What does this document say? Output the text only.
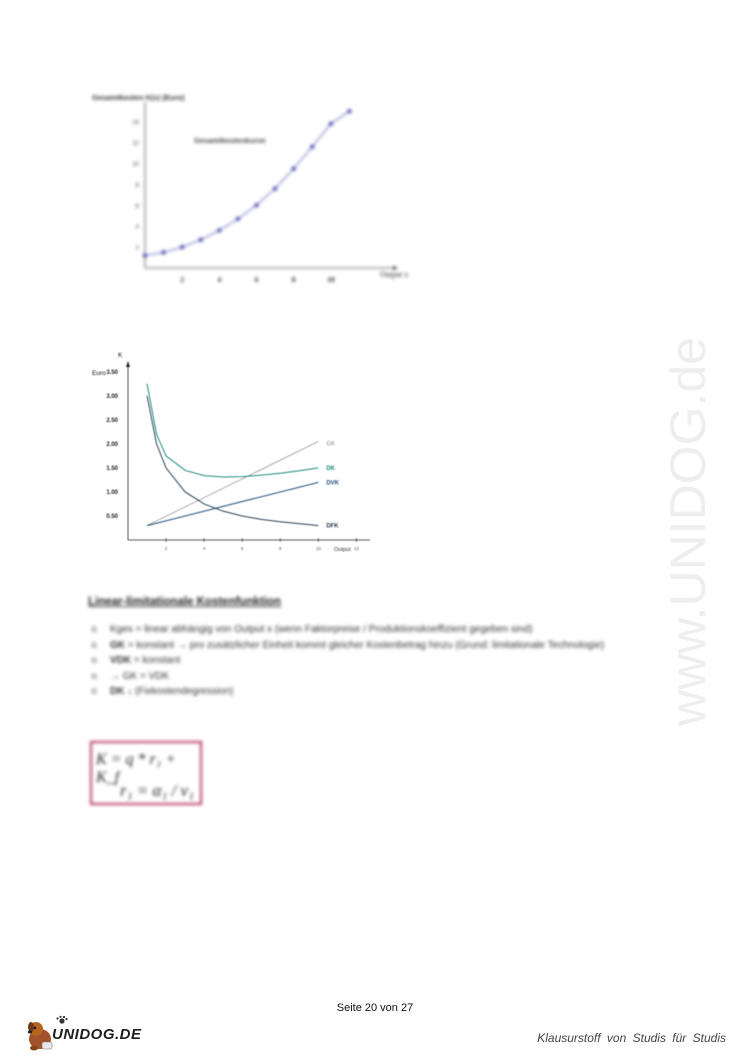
2	4	6	8	10
2
4
6
8
10
12
14
Gesamtkosten K(x) (Euro)
Gesamtkostenkurve
Output x
0.50
1.00
1.50
2.00
2.50
3.00
3.50
2	4	6	8	10	12
GK
DK
DVK
DFK
K
Euro
Output	www.UNIDOG.de
Linear-limitationale Kostenfunktion
o	Kges = linear abhängig von Output x (wenn Faktorpreise / Produktionskoeffizient gegeben sind)
o	GK = konstant → pro zusätzlicher Einheit kommt gleicher Kostenbetrag hinzu (Grund: limitationale Technologie)
o	VDK = konstant
o	→ GK = VDK
o	DK ↓ (Fixkostendegression)
K = q * r₁ + K_f
r₁ = α₁ / v₁
Seite 20 von 27
UNIDOG.DE	Klausurstoff von Studis für Studis
